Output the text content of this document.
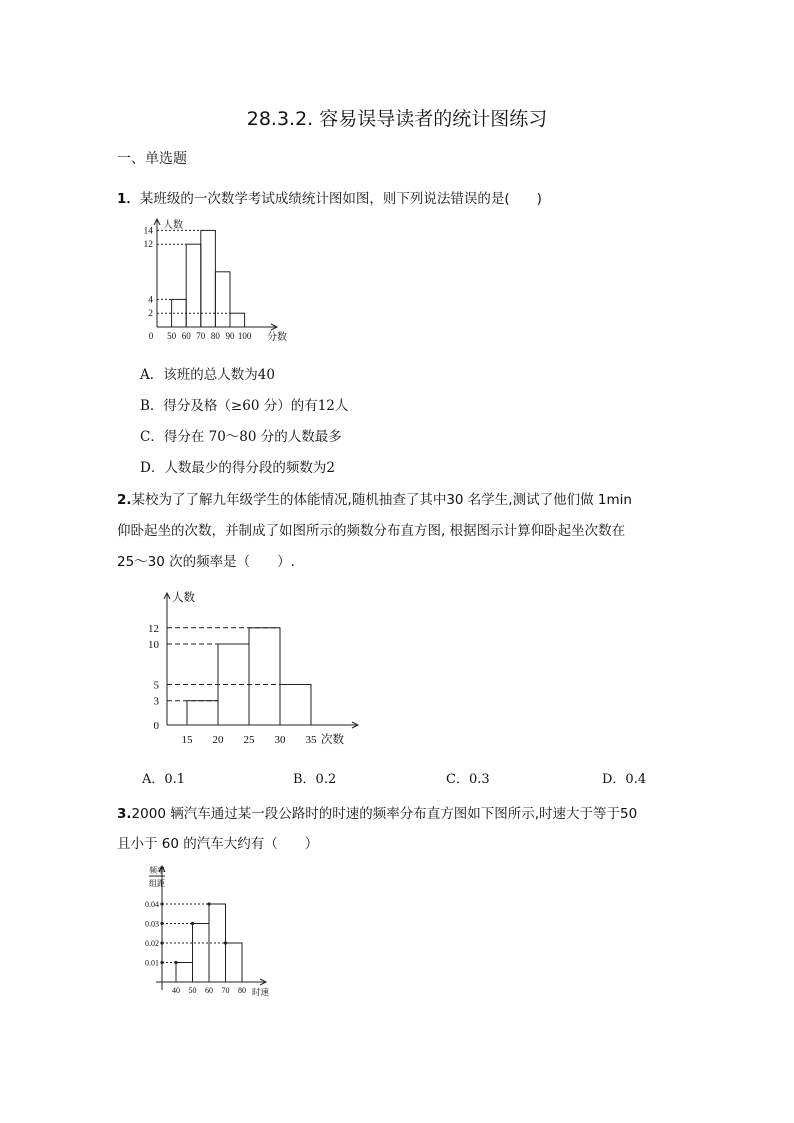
28.3.2. 容易误导读者的统计图练习
一、单选题
1．某班级的一次数学考试成绩统计图如图，则下列说法错误的是(　　)
2
4
12
14
0 50 60 70 80 90 100
人数
分数
A．该班的总人数为40
B．得分及格（≥60 分）的有12人
C．得分在 70～80 分的人数最多
D．人数最少的得分段的频数为2
2.某校为了了解九年级学生的体能情况,随机抽查了其中30 名学生,测试了他们做 1min
仰卧起坐的次数，并制成了如图所示的频数分布直方图, 根据图示计算仰卧起坐次数在
25～30 次的频率是（　　）.
0
3
5
10
12
15 20 25 30 35
人数
次数
A．0.1	B．0.2	C．0.3	D．0.4
3.2000 辆汽车通过某一段公路时的时速的频率分布直方图如下图所示,时速大于等于50
且小于 60 的汽车大约有（　　）
0.01
0.02
0.03
0.04
40 50 60 70 80
频率
组距
时速
